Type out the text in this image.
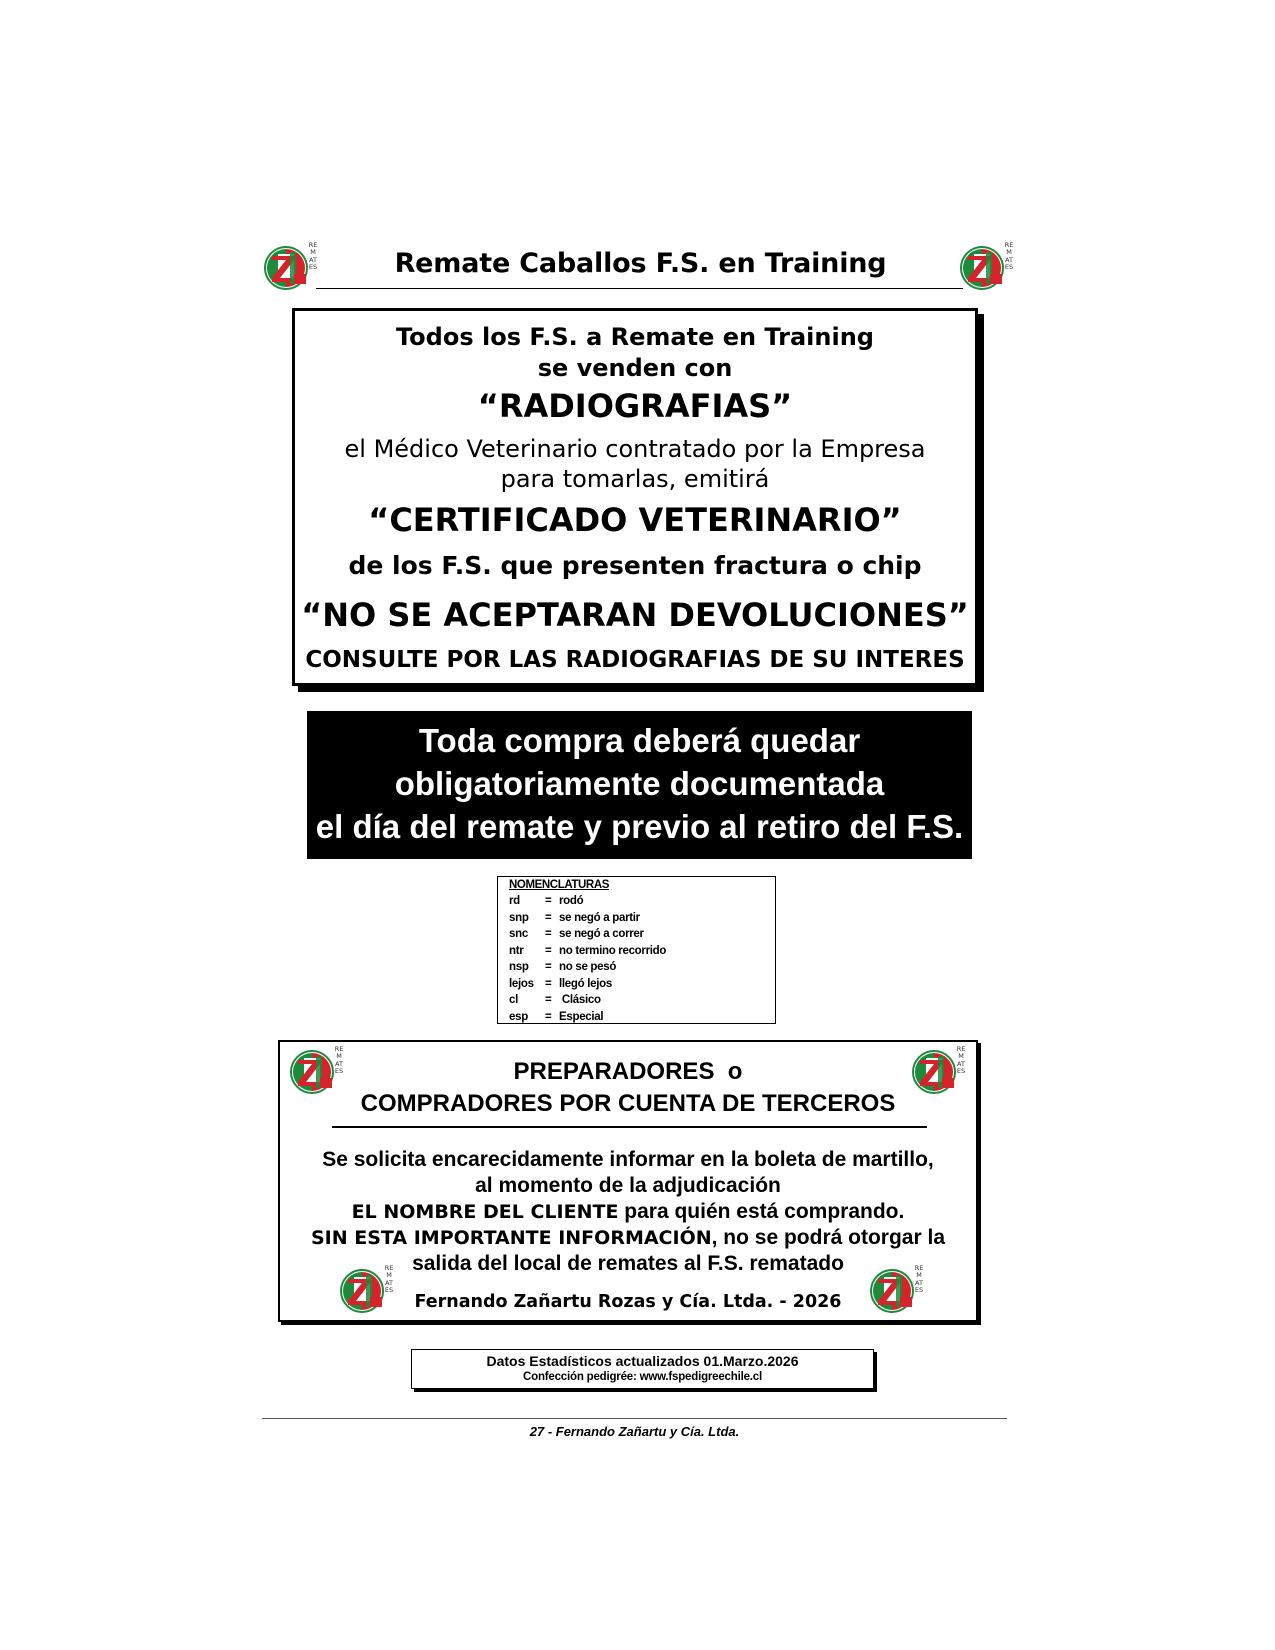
REMATES
REMATES
Remate Caballos F.S. en Training
Todos los F.S. a Remate en Training
se venden con
“RADIOGRAFIAS”
el Médico Veterinario contratado por la Empresa
para tomarlas, emitirá
“CERTIFICADO VETERINARIO”
de los F.S. que presenten fractura o chip
“NO SE ACEPTARAN DEVOLUCIONES”
CONSULTE POR LAS RADIOGRAFIAS DE SU INTERES
Toda compra deberá quedar
obligatoriamente documentada
el día del remate y previo al retiro del F.S.
NOMENCLATURAS
rd = rodó
snp = se negó a partir
snc = se negó a correr
ntr = no termino recorrido
nsp = no se pesó
lejos = llegó lejos
cl = Clásico
esp = Especial
REMATES
REMATES
PREPARADORES  o
COMPRADORES POR CUENTA DE TERCEROS
Se solicita encarecidamente informar en la boleta de martillo,
al momento de la adjudicación
EL NOMBRE DEL CLIENTE para quién está comprando.
SIN ESTA IMPORTANTE INFORMACIÓN, no se podrá otorgar la
salida del local de remates al F.S. rematado
REMATES
REMATES
Fernando Zañartu Rozas y Cía. Ltda. - 2026
Datos Estadísticos actualizados 01.Marzo.2026
Confección pedigrée: www.fspedigreechile.cl
27 - Fernando Zañartu y Cía. Ltda.
